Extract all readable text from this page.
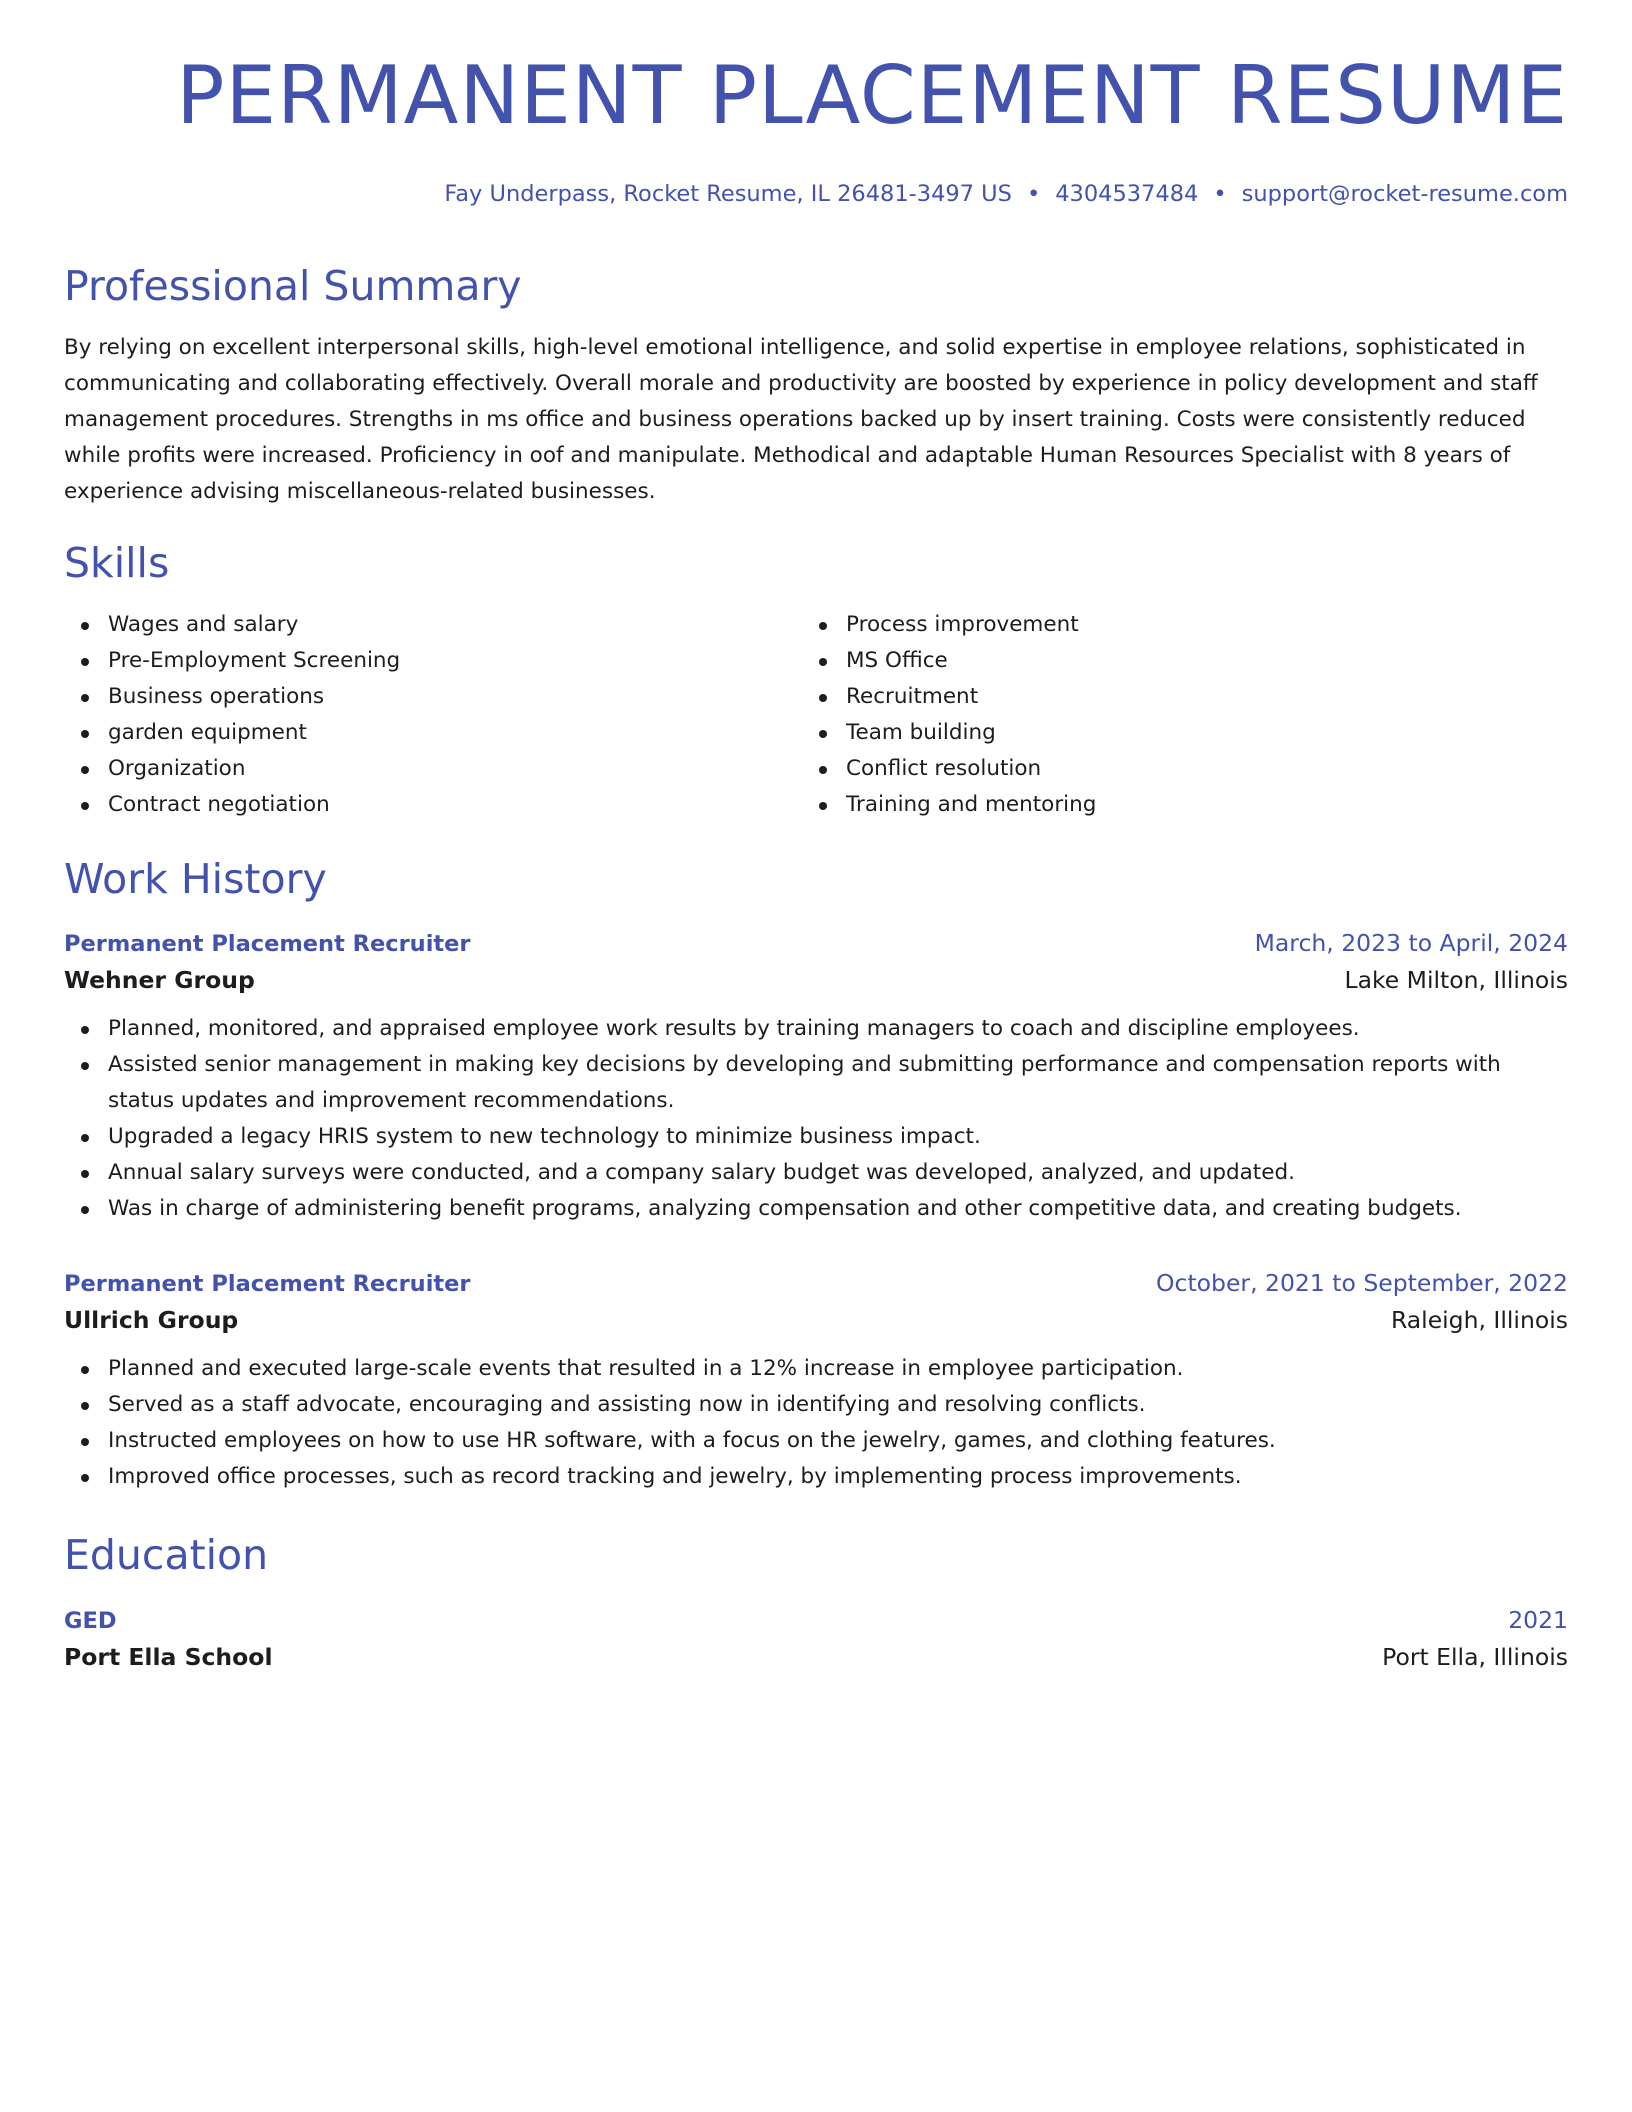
PERMANENT PLACEMENT RESUME
Fay Underpass, Rocket Resume, IL 26481-3497 US • 4304537484 • support@rocket-resume.com
Professional Summary

By relying on excellent interpersonal skills, high-level emotional intelligence, and solid expertise in employee relations, sophisticated in communicating and collaborating effectively. Overall morale and productivity are boosted by experience in policy development and staff management procedures. Strengths in ms office and business operations backed up by insert training. Costs were consistently reduced while profits were increased. Proficiency in oof and manipulate. Methodical and adaptable Human Resources Specialist with 8 years of experience advising miscellaneous-related businesses.

Skills
Wages and salary
Pre-Employment Screening
Business operations
garden equipment
Organization
Contract negotiation
Process improvement
MS Office
Recruitment
Team building
Conflict resolution
Training and mentoring
Work History
Permanent Placement Recruiter	March, 2023 to April, 2024
Wehner Group	Lake Milton, Illinois
Planned, monitored, and appraised employee work results by training managers to coach and discipline employees.
Assisted senior management in making key decisions by developing and submitting performance and compensation reports with status updates and improvement recommendations.
Upgraded a legacy HRIS system to new technology to minimize business impact.
Annual salary surveys were conducted, and a company salary budget was developed, analyzed, and updated.
Was in charge of administering benefit programs, analyzing compensation and other competitive data, and creating budgets.
Permanent Placement Recruiter	October, 2021 to September, 2022
Ullrich Group	Raleigh, Illinois
Planned and executed large-scale events that resulted in a 12% increase in employee participation.
Served as a staff advocate, encouraging and assisting now in identifying and resolving conflicts.
Instructed employees on how to use HR software, with a focus on the jewelry, games, and clothing features.
Improved office processes, such as record tracking and jewelry, by implementing process improvements.
Education
GED	2021
Port Ella School	Port Ella, Illinois
